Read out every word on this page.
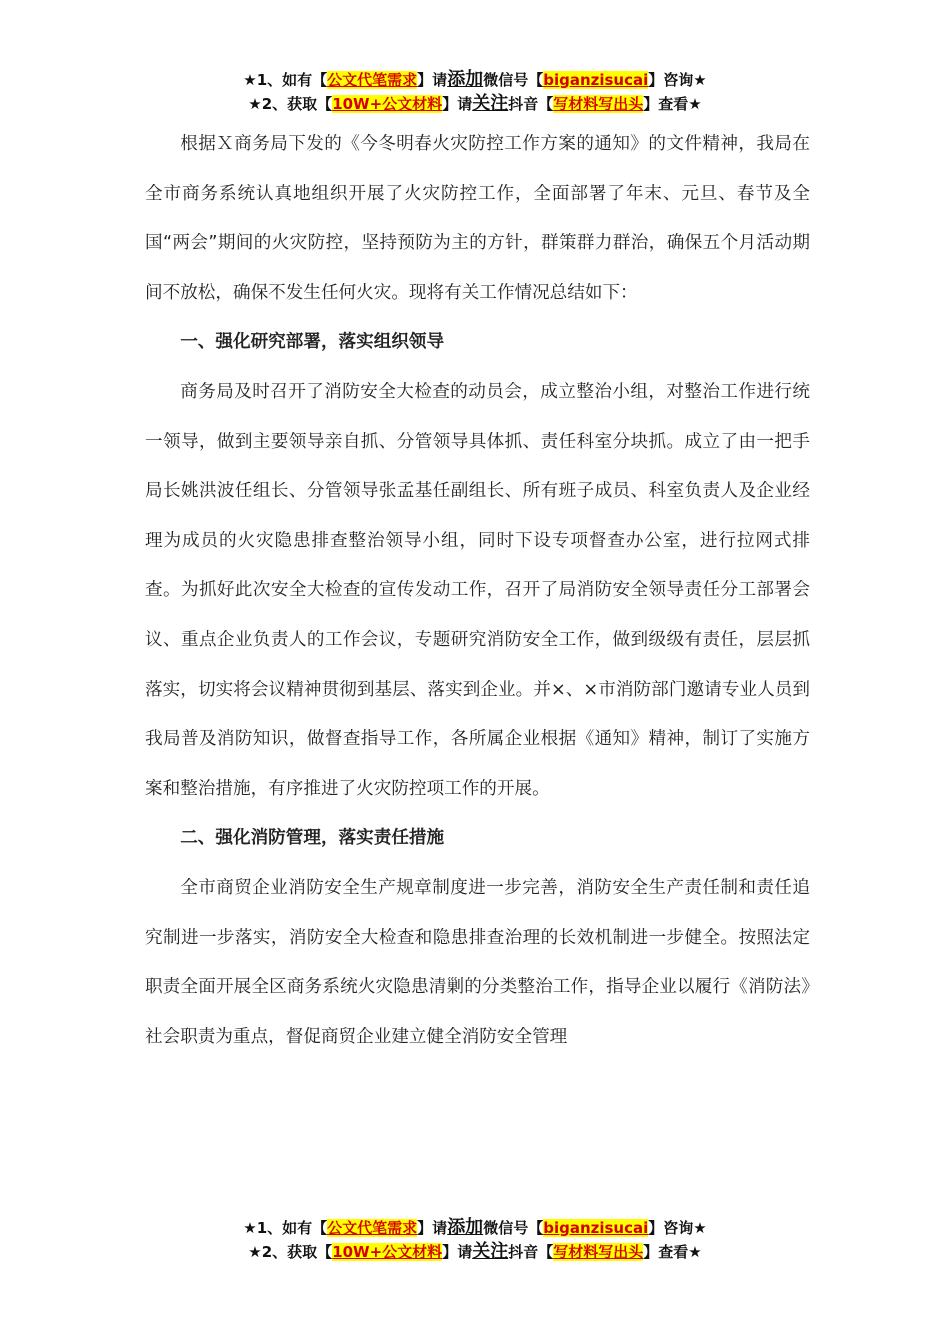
★1、如有【公文代笔需求】请添加微信号【biganzisucai】咨询★
★2、获取【10W+公文材料】请关注抖音【写材料写出头】查看★

根据Ｘ商务局下发的《今冬明春火灾防控工作方案的通知》的文件精神，我局在全市商务系统认真地组织开展了火灾防控工作，全面部署了年末、元旦、春节及全国“两会”期间的火灾防控，坚持预防为主的方针，群策群力群治，确保五个月活动期间不放松，确保不发生任何火灾。现将有关工作情况总结如下：

一、强化研究部署，落实组织领导

商务局及时召开了消防安全大检查的动员会，成立整治小组，对整治工作进行统一领导，做到主要领导亲自抓、分管领导具体抓、责任科室分块抓。成立了由一把手局长姚洪波任组长、分管领导张孟基任副组长、所有班子成员、科室负责人及企业经理为成员的火灾隐患排查整治领导小组，同时下设专项督查办公室，进行拉网式排查。为抓好此次安全大检查的宣传发动工作，召开了局消防安全领导责任分工部署会议、重点企业负责人的工作会议，专题研究消防安全工作，做到级级有责任，层层抓落实，切实将会议精神贯彻到基层、落实到企业。并×、×市消防部门邀请专业人员到我局普及消防知识，做督查指导工作，各所属企业根据《通知》精神，制订了实施方案和整治措施，有序推进了火灾防控项工作的开展。

二、强化消防管理，落实责任措施

全市商贸企业消防安全生产规章制度进一步完善，消防安全生产责任制和责任追究制进一步落实，消防安全大检查和隐患排查治理的长效机制进一步健全。按照法定职责全面开展全区商务系统火灾隐患清剿的分类整治工作，指导企业以履行《消防法》社会职责为重点，督促商贸企业建立健全消防安全管理

★1、如有【公文代笔需求】请添加微信号【biganzisucai】咨询★
★2、获取【10W+公文材料】请关注抖音【写材料写出头】查看★
